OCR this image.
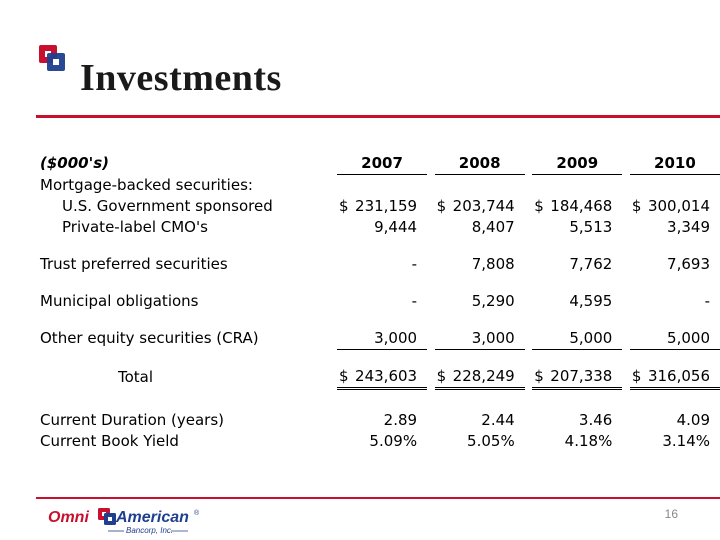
Investments
($000's)	2007		2008		2009		2010
Mortgage-backed securities:							
U.S. Government sponsored	$ 231,159		$ 203,744		$ 184,468		$ 300,014
Private-label CMO's	9,444		8,407		5,513		3,349

Trust preferred securities	-		7,808		7,762		7,693

Municipal obligations	-		5,290		4,595		-

Other equity securities (CRA)	3,000		3,000		5,000		5,000

Total	$ 243,603		$ 228,249		$ 207,338		$ 316,056

Current Duration (years)	2.89		2.44		3.46		4.09
Current Book Yield	5.09%		5.05%		4.18%		3.14%
Omni American ®
Bancorp, Inc.
16
